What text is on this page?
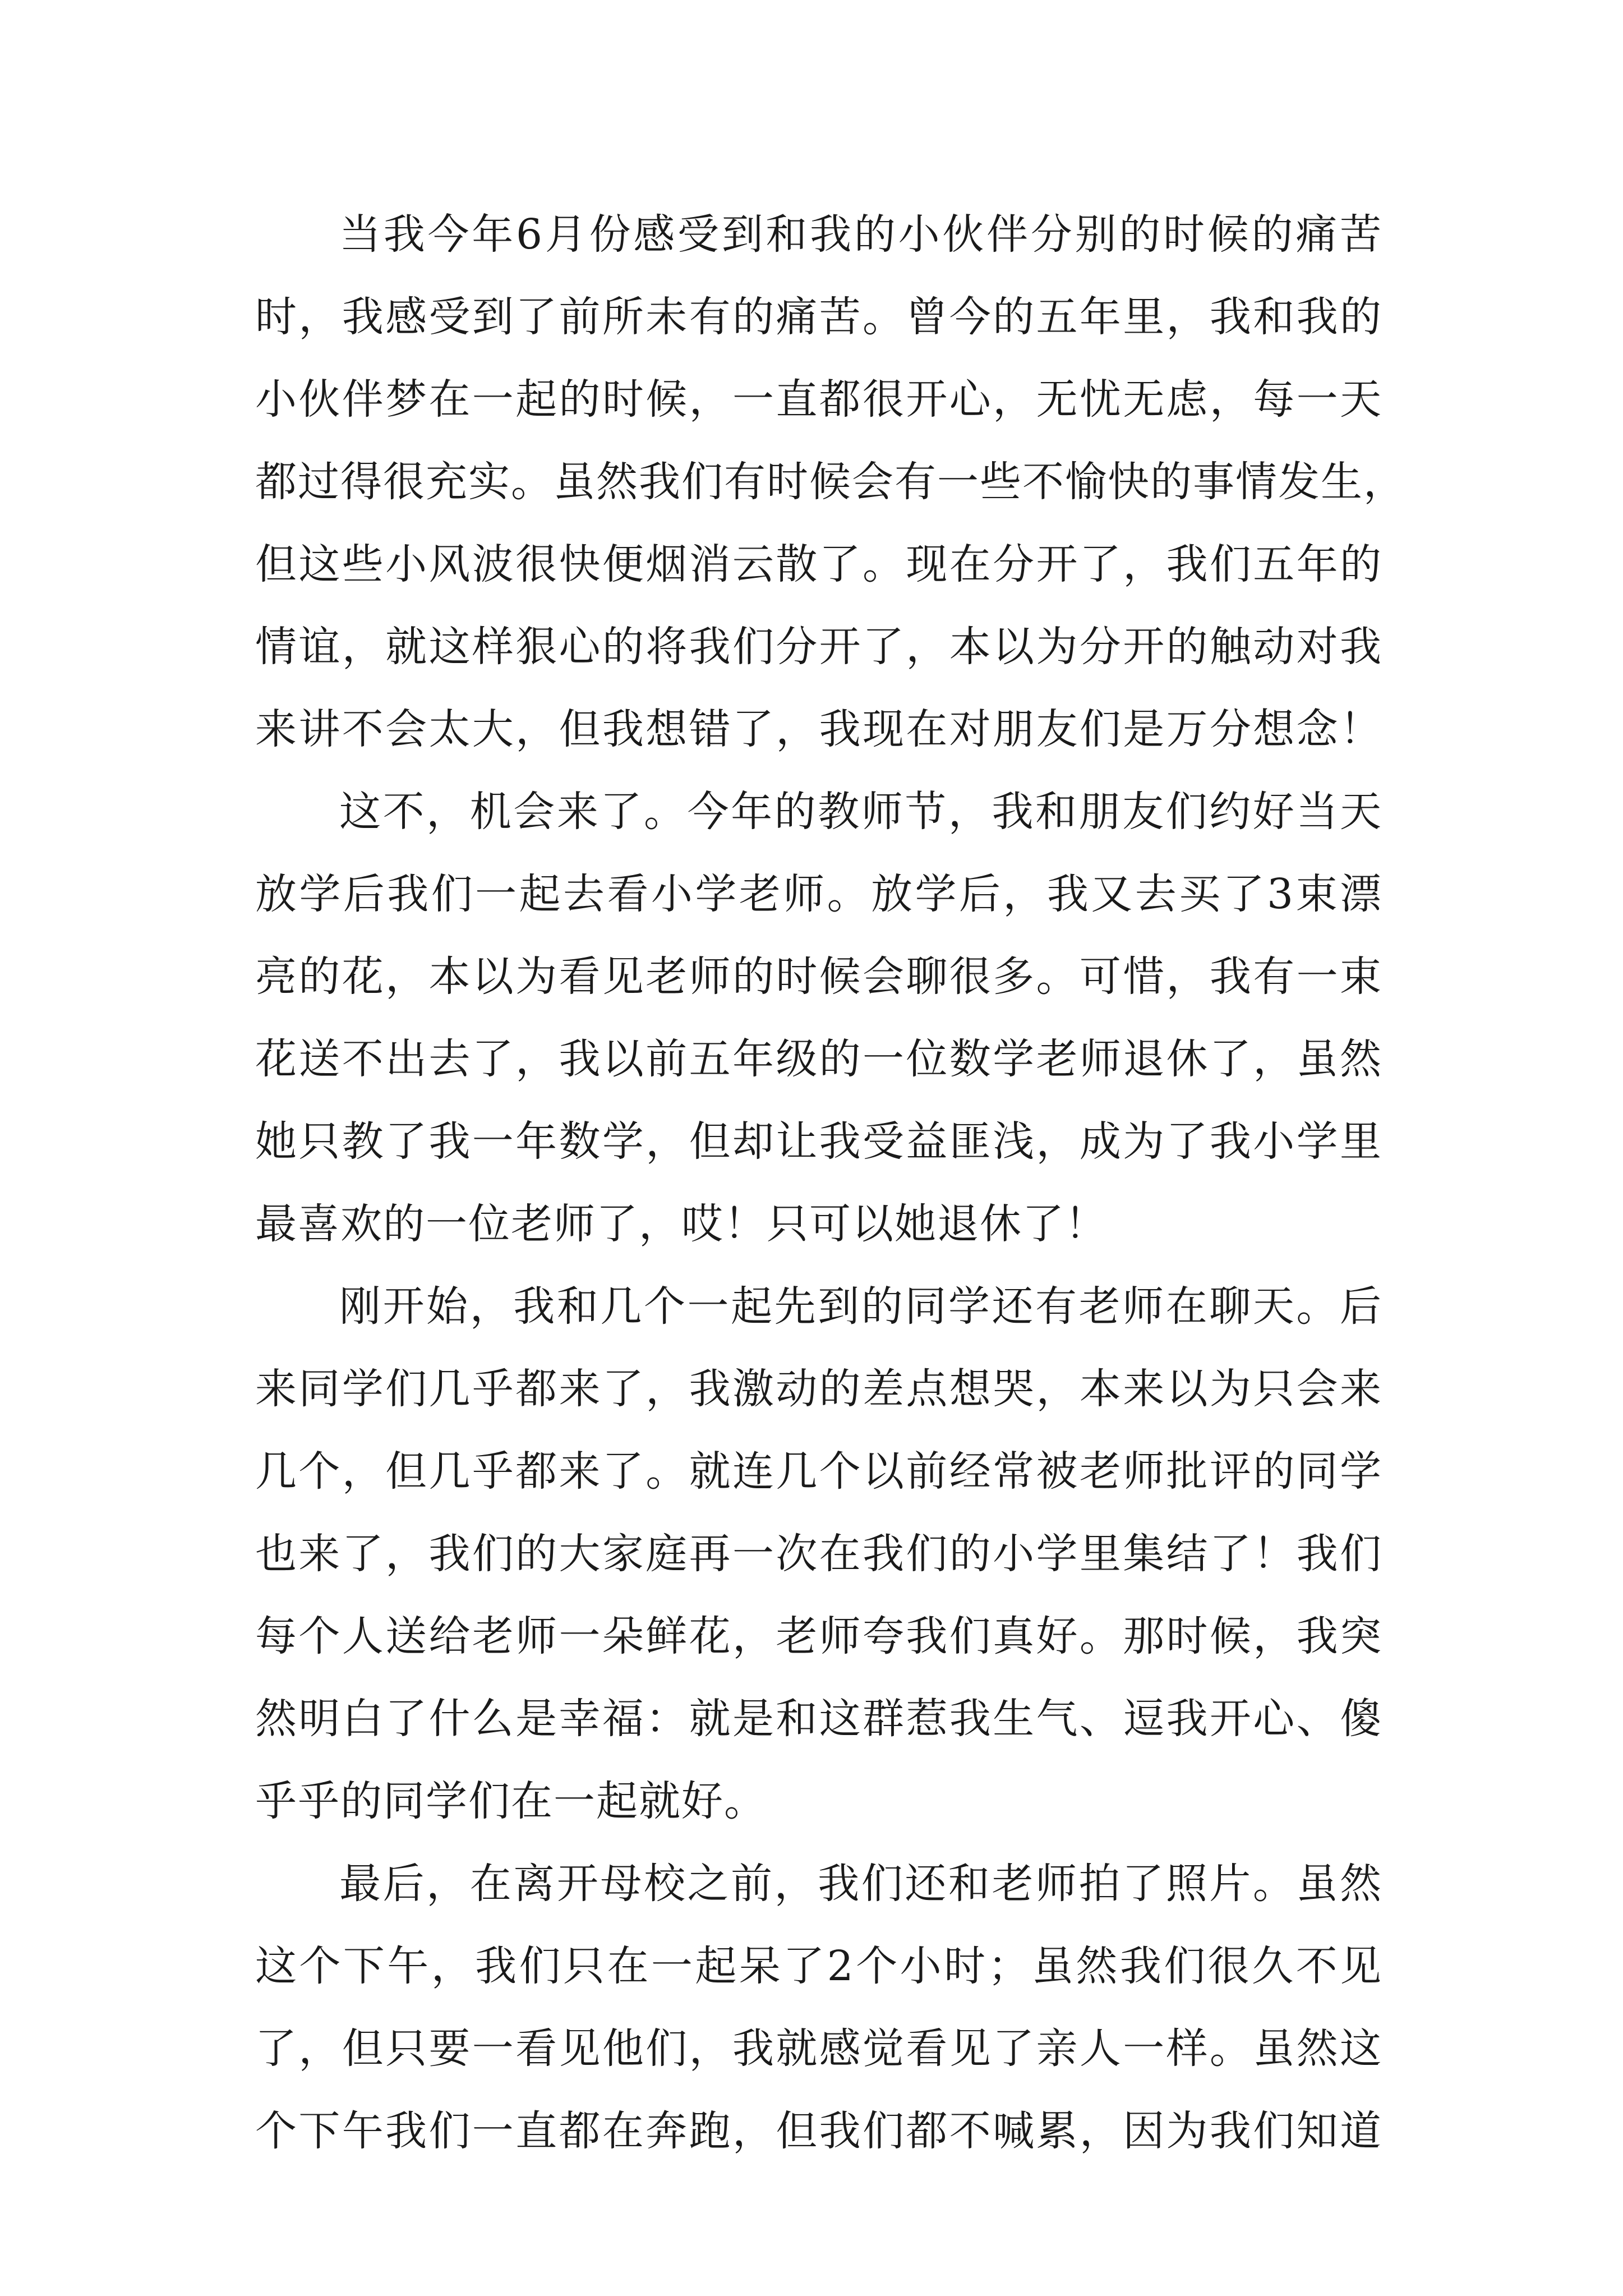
当我今年6月份感受到和我的小伙伴分别的时候的痛苦
时，我感受到了前所未有的痛苦。曾今的五年里，我和我的
小伙伴梦在一起的时候，一直都很开心，无忧无虑，每一天
都过得很充实。虽然我们有时候会有一些不愉快的事情发生，
但这些小风波很快便烟消云散了。现在分开了，我们五年的
情谊，就这样狠心的将我们分开了，本以为分开的触动对我
来讲不会太大，但我想错了，我现在对朋友们是万分想念！
这不，机会来了。今年的教师节，我和朋友们约好当天
放学后我们一起去看小学老师。放学后，我又去买了3束漂
亮的花，本以为看见老师的时候会聊很多。可惜，我有一束
花送不出去了，我以前五年级的一位数学老师退休了，虽然
她只教了我一年数学，但却让我受益匪浅，成为了我小学里
最喜欢的一位老师了，哎！只可以她退休了！
刚开始，我和几个一起先到的同学还有老师在聊天。后
来同学们几乎都来了，我激动的差点想哭，本来以为只会来
几个，但几乎都来了。就连几个以前经常被老师批评的同学
也来了，我们的大家庭再一次在我们的小学里集结了！我们
每个人送给老师一朵鲜花，老师夸我们真好。那时候，我突
然明白了什么是幸福：就是和这群惹我生气、逗我开心、傻
乎乎的同学们在一起就好。
最后，在离开母校之前，我们还和老师拍了照片。虽然
这个下午，我们只在一起呆了2个小时；虽然我们很久不见
了，但只要一看见他们，我就感觉看见了亲人一样。虽然这
个下午我们一直都在奔跑，但我们都不喊累，因为我们知道
